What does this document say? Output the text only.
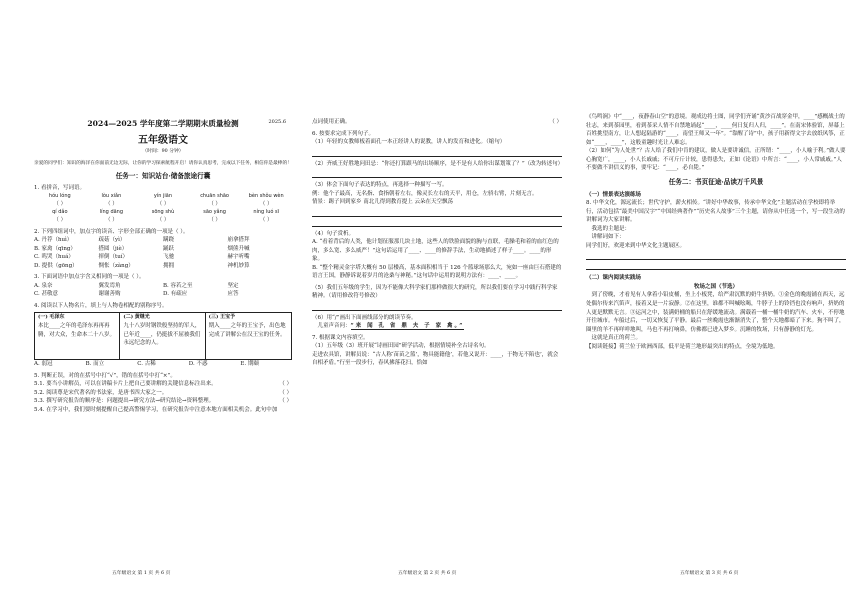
2024—2025 学年度第二学期期末质量检测	2025.6
五年级语文
（时间：90 分钟）
亲爱的同学们：知识的海洋在你面前无边无际，让你的学习探索航程开启！请你认真思考，完成以下任务，相信你是最棒的！
任务一：知识站台·储备旅途行囊
1. 看拼音，写词语。
hóu lóng	lòu xiǎn	yín jiān	chuān shāo	bèn shǒu wèn
（ ）	（ ）	（ ）	（ ）	（ ）
qí dǎo	líng dāng	sōng shù	sāo yǎng	níng luó sī
（ ）	（ ）	（ ）	（ ）	（ ）
2. 下列四组词中，加点字的读音、字形全部正确的一项是（ ）。
A. 丹荐（huì）	疏菇（yì）	蹒跷	崩拿搭拜
B. 家禽（qīng）	搭圆（jiè）	踊跃	烟熊升喊
C. 呜哭（huá）	摔倒（tuí）	飞驰	赫宇听嘴
D. 提供（gōng）	惆怅（zàng）	拥拥	神机妙算
3. 下面词语中加点字含义相同的一项是（ ）。
A. 泉奈	翼发焉角	B. 容若之至	坚定
C. 甚敬意	谢谢善购	D. 有疏应	应答
4. 阅读以下人物名片，填上与人物卷相配的别称序号。
(一) 毛泽东
本比____之年的毛泽东再再再腾，对大众，生命本二十八岁。
(二) 黄继光
九十八岁时钢铁般坚持的军人，已年近____，仍挺拔不屈被我们永远纪念的人。
(三) 王宝予
期入____之年的王宝予，出色地完成了讲解公在汉王宝的任务。
A. 弱冠	B. 而立	C. 古稀	D. 不惑	E. 期颐
5. 判断正误，对的在括号中打“√”，错的在括号中打“×”。
5.1. 要当小讲解员，可以在讲稿卡片上把自己要讲解的关键信息标注出来。	（ ）
5.2. 阅读尊是宋代著名的书法家，是唐书四大家之一。	（ ）
5.3. 撰写研究报告的顺序是：问题提出→研究方法→研究结论→资料整理。	（ ）
5.4. 在学习中，我们要时刻提醒自己提高警惕学习，在研究报告中注意本地方面相关机会。此句中加
五年级语文 第 1 页 共 6 页
点词使用正确。	（ ）
6. 按要求完成下列句子。
（1）年轻的女教师板着面孔一本正经讲人的说教，讲人的发育和进化。（缩句）
（2）齐威王好胜地问田忌：“你还打算跟马的出场顺序，是不是有人给你出谋划策了？”（改为转述句）
（3）体会下面句子表达的特点，再选择一种描写一写。
例：他个子最高，无名指、食指朝着左右，像灵长左右的天平，用仓，左骄右臂，片刻无言。
情景：踢子回到家乡 南北儿得到教育提上 云朵在天空飘荡
（4）句子赏析。
A. “看着背后的人类，他计划征服那几块土地，这些人的铁脸面貌的胸与直联，毛臊毛和着的血红色的肉，多么宽、多么威严！”这句话运用了____、____的修辞手法，生动地描述了样子____。____的形象。
B. “整个精灵金字塔大概有 50 层楼高，基本面积相当于 126 个篮球场那么大，宛如一座由巨石搭建的语言王国，静静诉说着岁月的沧桑与神秘。”这句话中运用的说明方法有：____、____。
（5）我们五年级的学生，因为不能像大科学家们那样做很大的研究，所以我们要在学习中践行科学家精神。（请用修改符号修改）
（6）用“/”画出下面画线部分的朗读节奏。
儿童声音问：“来 闻 孔 省 鼎 夫 子 家 禽。”
7. 根据课文内容填空。
（1）五年级（3）班开展“诗画田园”研学活动，根据情境补全古诗名句。
走进农具馆，讲解员说：“古人称‘苗苗之篮’，物具能籍他’，若他又说开：____，于物无不陷也’，就会自相矛盾。”行至一段步行，春风拂落花扫，恰如
五年级语文 第 2 页 共 6 页
《鸟鸣涧》中“____，夜静春山空”的意境。观成边将士图，同学们齐诵“黄沙百战穿金甲，____”感概战士的壮志，来到茶园里，看到茶采人情不自禁地诵起“____，____何日复归人归，____”。在南宋体验馆，屏幕上百姓挑望南方，让人想起陆游的“____，南望王师又一年”。“靠醒了诗”中，孩子用新得文字去放纸风筝，正如“____，____”，这般童趣时光让人难忘。
（2）如何“为人处世”？古人给了我们中肯的建议，做人是要讲诚信，正所谓：“____，小人喻于利。”做人要心胸宽广，____，小人长戚戚；不可斤斤计较，患得患失，正如《论语》中所言：“____，小人常戚戚。”人不要做不讲信义的事，要牢记：“____，必自毙。”
任务二：书页征途·品读万千风景
（一）情景表达演练场
8. 中华文化，源远流长；世代守护，薪火相传。“讲好中华故事，传承中华文化”主题活动在学校即将举行，活动包括“最美中国汉字”“中国经典著作”“历史名人故事”三个主题，请你从中任选一个，写一段生动的讲解词为大家讲解。
我选的主题是：
讲解词如下：
同学们好，欢迎来到中华文化主题展区。
（二）课内阅读实践场
牧场之国（节选）
到了傍晚，才看见有人拿着小铅皮桶，坐上小板凳，给严肃沉默的奶牛挤奶。①金色的晚霞铺在西天，远处偶尔传来汽笛声，接着又是一片寂静。②在这里，谁都不叫喊吆喝，牛脖子上的铃铛也没有响声，挤奶的人更是默默无言。③运河之中，装满奶桶的船只在舒缓地流动。满载着一桶一桶牛奶的汽车、火车，不停地开往城市。车船过后，一切又恢复了平静。最后一丝晚霞也渐渐消失了，整个天地都暗了下来。狗不叫了，圈里的羊不再咩咩地叫，马也不再打响鼻，仿佛都已进入梦乡。沉睡的牧场，只有静静的灯光。
这就是真正的荷兰。
【阅读链接】荷兰位于欧洲西部，低平是荷兰地形最突出的特点，全境为低地。
五年级语文 第 3 页 共 6 页
